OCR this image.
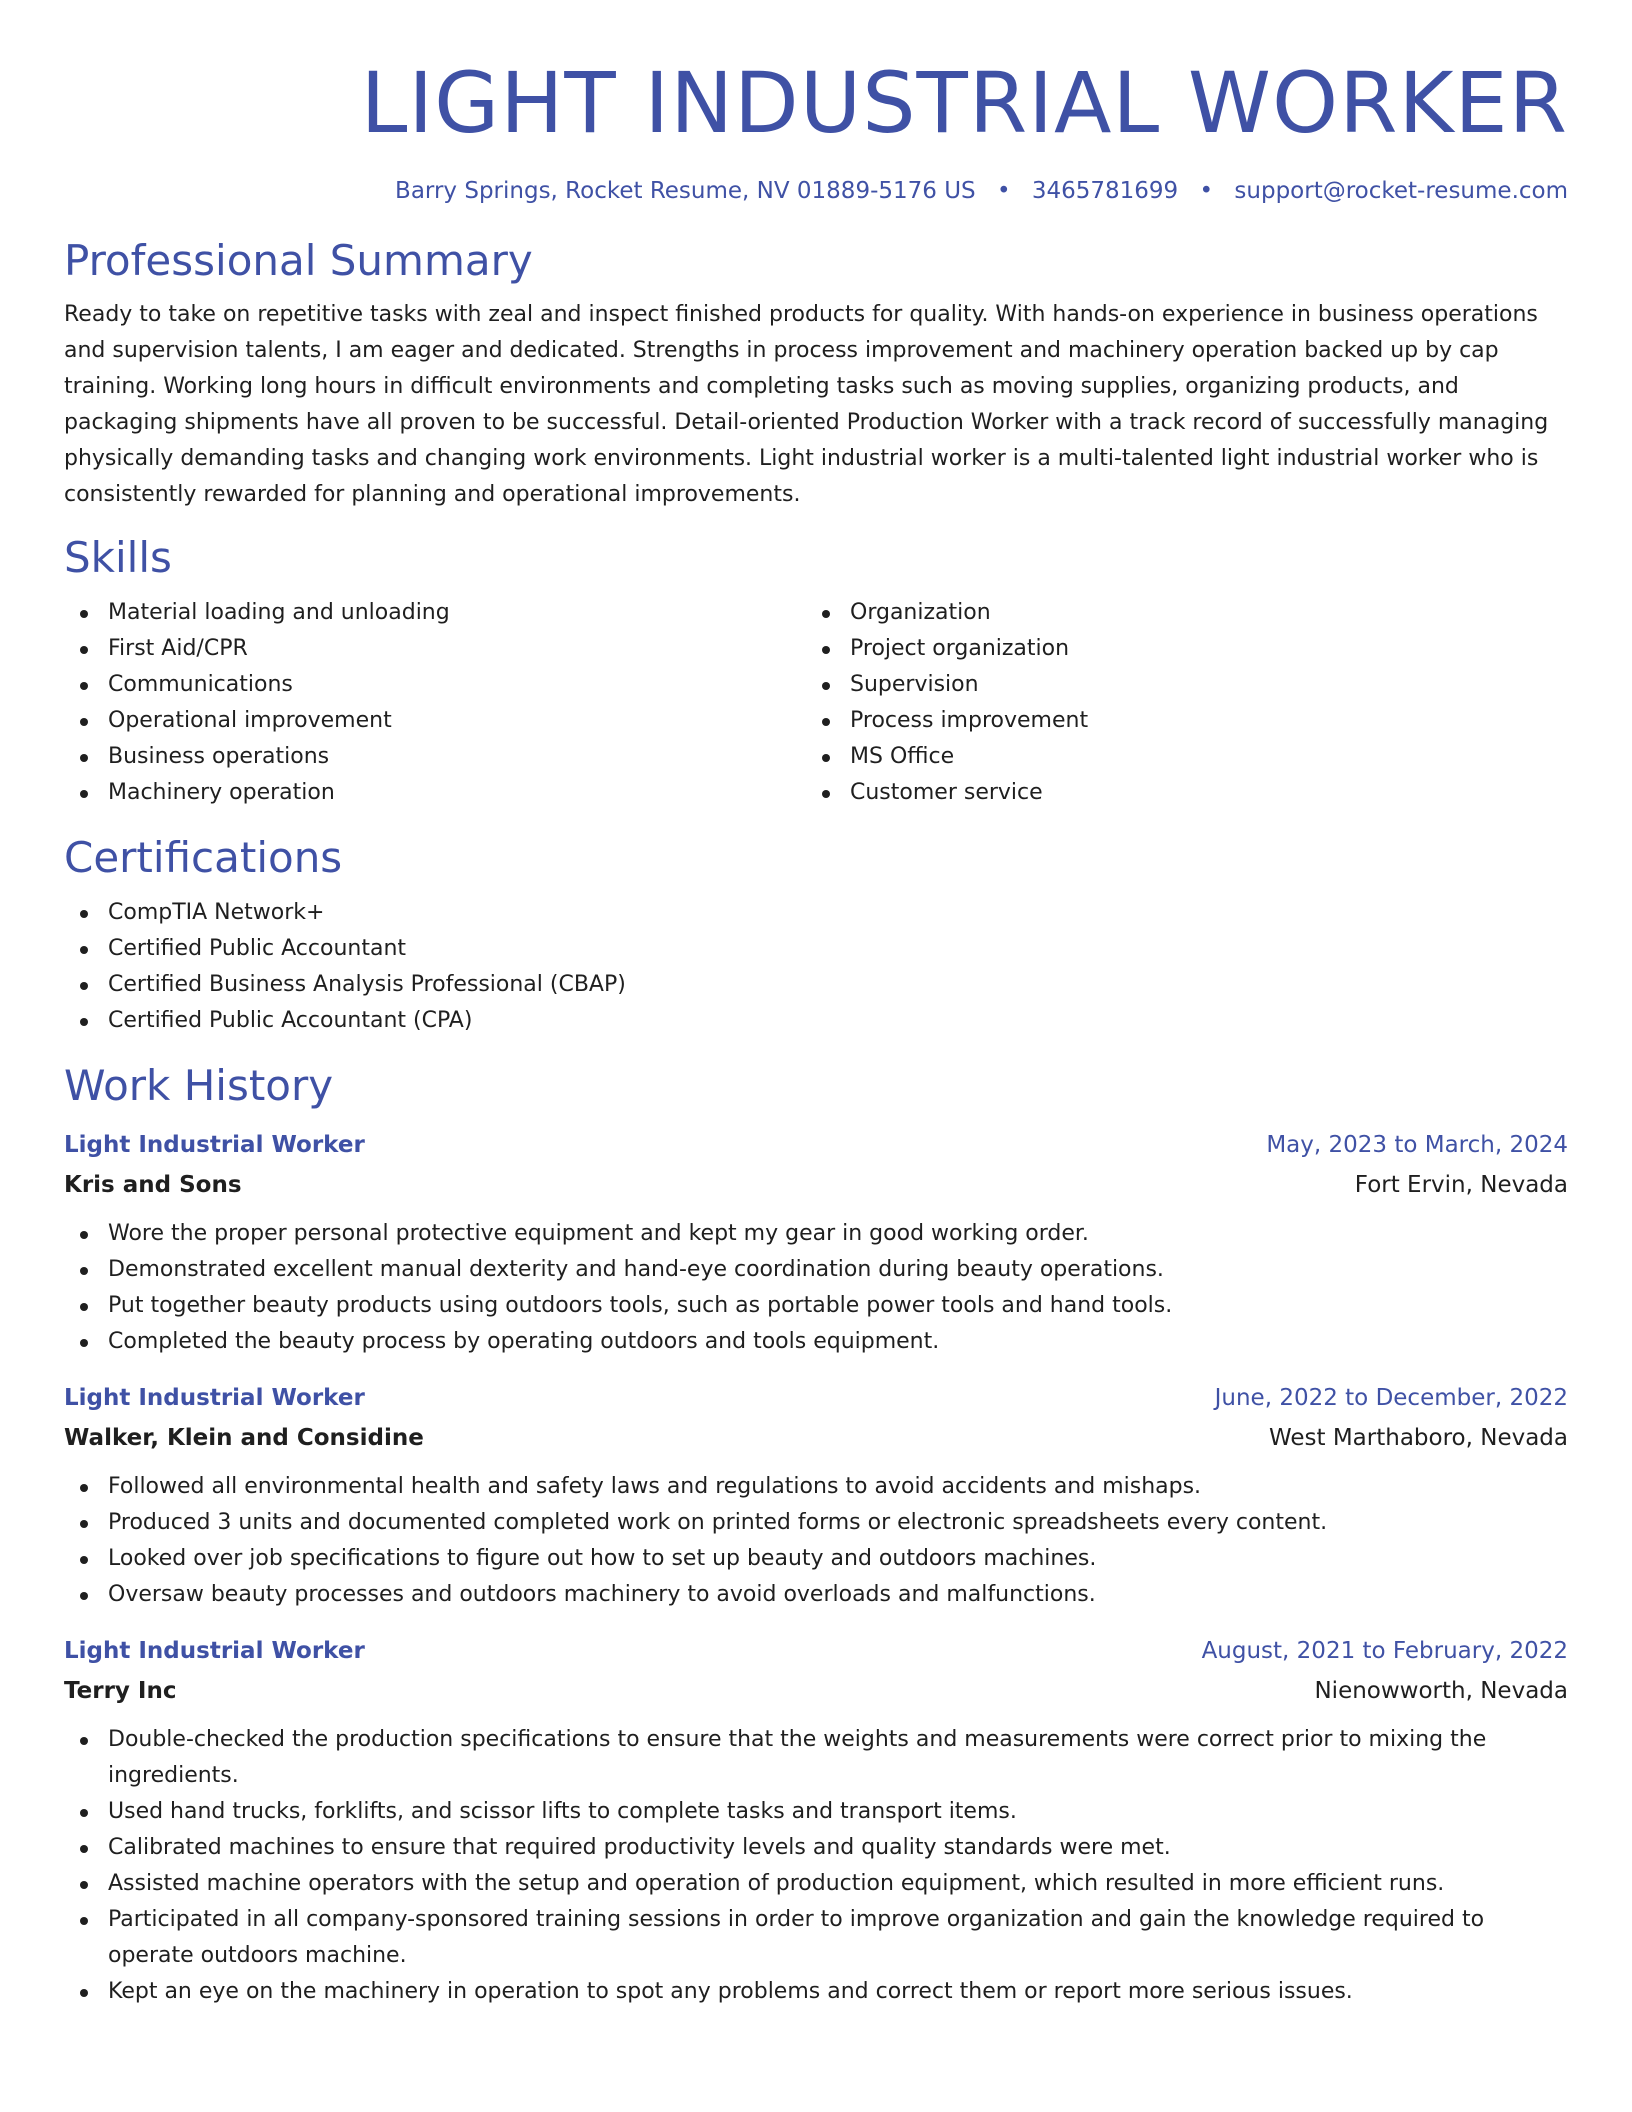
LIGHT INDUSTRIAL WORKER
Barry Springs, Rocket Resume, NV 01889-5176 US • 3465781699 • support@rocket-resume.com
Professional Summary

Ready to take on repetitive tasks with zeal and inspect finished products for quality. With hands-on experience in business operations and supervision talents, I am eager and dedicated. Strengths in process improvement and machinery operation backed up by cap training. Working long hours in difficult environments and completing tasks such as moving supplies, organizing products, and packaging shipments have all proven to be successful. Detail-oriented Production Worker with a track record of successfully managing physically demanding tasks and changing work environments. Light industrial worker is a multi-talented light industrial worker who is consistently rewarded for planning and operational improvements.

Skills
Material loading and unloading
First Aid/CPR
Communications
Operational improvement
Business operations
Machinery operation
Organization
Project organization
Supervision
Process improvement
MS Office
Customer service
Certifications
CompTIA Network+
Certified Public Accountant
Certified Business Analysis Professional (CBAP)
Certified Public Accountant (CPA)
Work History
Light Industrial Worker	May, 2023 to March, 2024
Kris and Sons	Fort Ervin, Nevada
Wore the proper personal protective equipment and kept my gear in good working order.
Demonstrated excellent manual dexterity and hand-eye coordination during beauty operations.
Put together beauty products using outdoors tools, such as portable power tools and hand tools.
Completed the beauty process by operating outdoors and tools equipment.
Light Industrial Worker	June, 2022 to December, 2022
Walker, Klein and Considine	West Marthaboro, Nevada
Followed all environmental health and safety laws and regulations to avoid accidents and mishaps.
Produced 3 units and documented completed work on printed forms or electronic spreadsheets every content.
Looked over job specifications to figure out how to set up beauty and outdoors machines.
Oversaw beauty processes and outdoors machinery to avoid overloads and malfunctions.
Light Industrial Worker	August, 2021 to February, 2022
Terry Inc	Nienowworth, Nevada
Double-checked the production specifications to ensure that the weights and measurements were correct prior to mixing the ingredients.
Used hand trucks, forklifts, and scissor lifts to complete tasks and transport items.
Calibrated machines to ensure that required productivity levels and quality standards were met.
Assisted machine operators with the setup and operation of production equipment, which resulted in more efficient runs.
Participated in all company-sponsored training sessions in order to improve organization and gain the knowledge required to operate outdoors machine.
Kept an eye on the machinery in operation to spot any problems and correct them or report more serious issues.
